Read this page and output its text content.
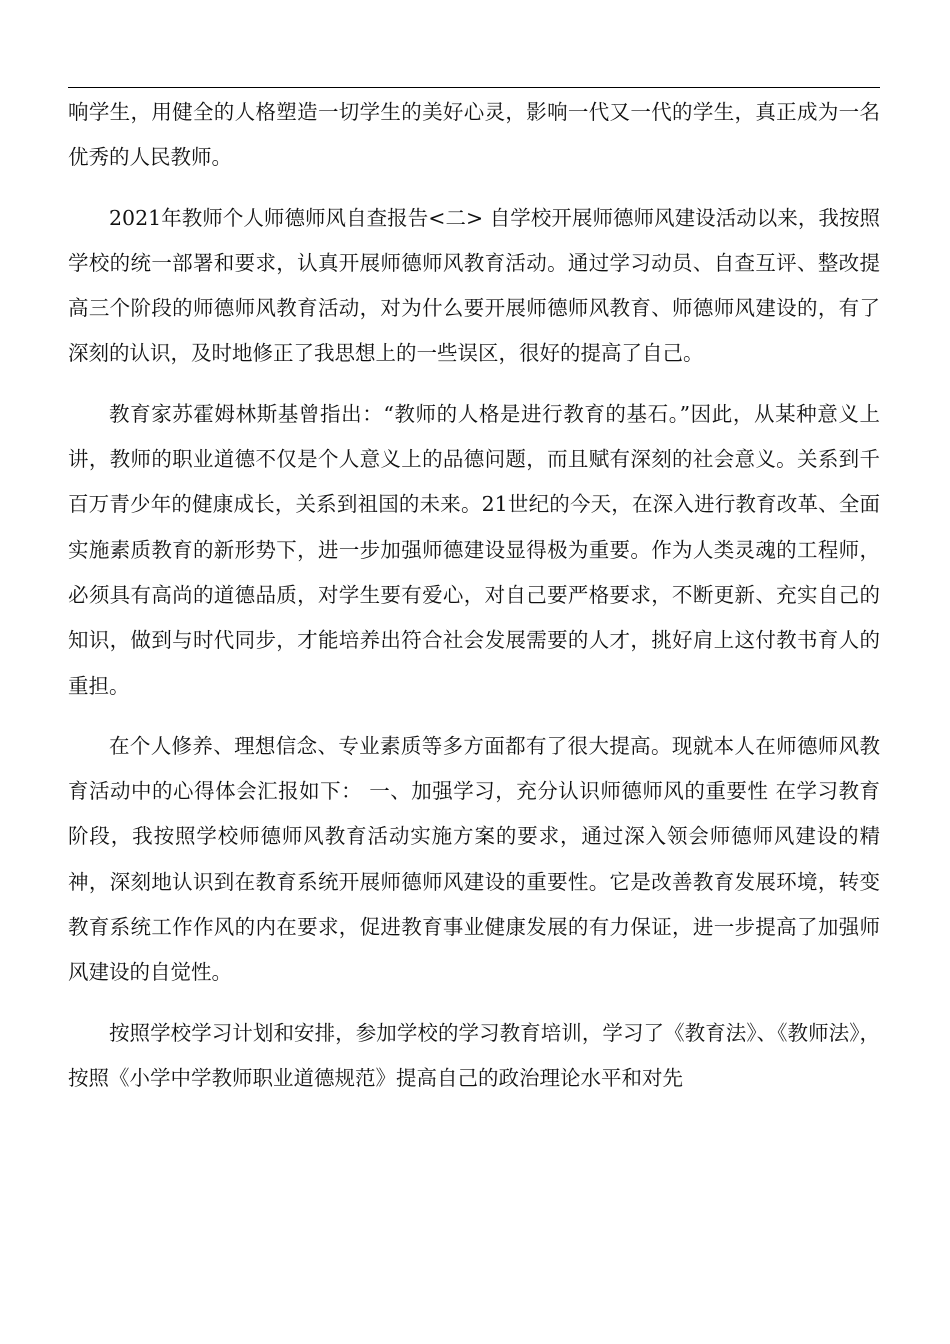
响学生，用健全的人格塑造一切学生的美好心灵，影响一代又一代的学生，真正成为一名优秀的人民教师。

2021年教师个人师德师风自查报告<二> 自学校开展师德师风建设活动以来，我按照学校的统一部署和要求，认真开展师德师风教育活动。通过学习动员、自查互评、整改提高三个阶段的师德师风教育活动，对为什么要开展师德师风教育、师德师风建设的，有了深刻的认识，及时地修正了我思想上的一些误区，很好的提高了自己。

教育家苏霍姆林斯基曾指出：“教师的人格是进行教育的基石。”因此，从某种意义上讲，教师的职业道德不仅是个人意义上的品德问题，而且赋有深刻的社会意义。关系到千百万青少年的健康成长，关系到祖国的未来。21世纪的今天，在深入进行教育改革、全面实施素质教育的新形势下，进一步加强师德建设显得极为重要。作为人类灵魂的工程师，必须具有高尚的道德品质，对学生要有爱心，对自己要严格要求，不断更新、充实自己的知识，做到与时代同步，才能培养出符合社会发展需要的人才，挑好肩上这付教书育人的重担。

在个人修养、理想信念、专业素质等多方面都有了很大提高。现就本人在师德师风教育活动中的心得体会汇报如下： 一、加强学习，充分认识师德师风的重要性 在学习教育阶段，我按照学校师德师风教育活动实施方案的要求，通过深入领会师德师风建设的精神，深刻地认识到在教育系统开展师德师风建设的重要性。它是改善教育发展环境，转变教育系统工作作风的内在要求，促进教育事业健康发展的有力保证，进一步提高了加强师风建设的自觉性。

按照学校学习计划和安排，参加学校的学习教育培训，学习了《教育法》、《教师法》，按照《小学中学教师职业道德规范》提高自己的政治理论水平和对先
